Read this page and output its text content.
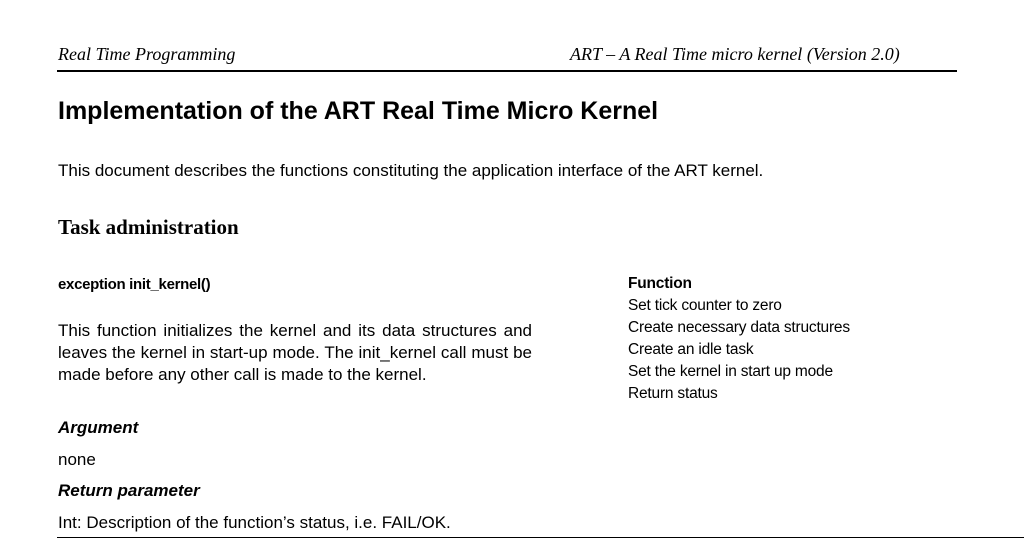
Real Time Programming	ART – A Real Time micro kernel (Version 2.0)
Implementation of the ART Real Time Micro Kernel
This document describes the functions constituting the application interface of the ART kernel.
Task administration
exception init_kernel()

This function initializes the kernel and its data structures and leaves the kernel in start-up mode. The init_kernel call must be made before any other call is made to the kernel.

Argument
none
Return parameter
Int: Description of the function’s status, i.e. FAIL/OK.
Function
Set tick counter to zero
Create necessary data structures
Create an idle task
Set the kernel in start up mode
Return status
